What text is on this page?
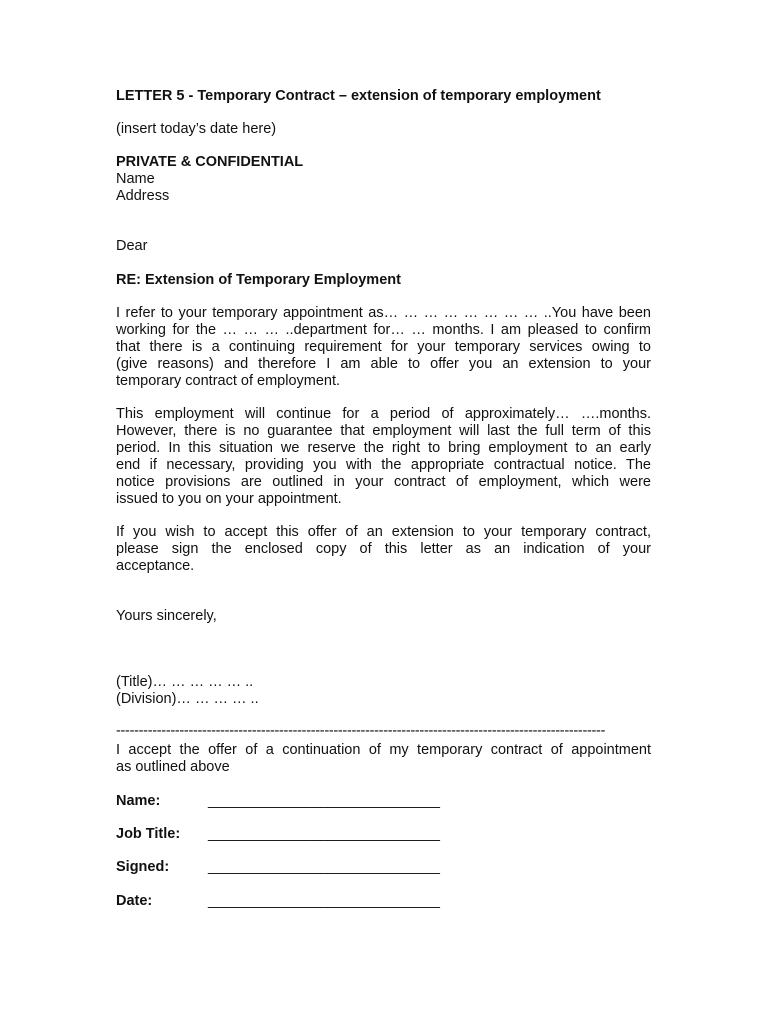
LETTER 5 - Temporary Contract – extension of temporary employment
(insert today’s date here)
PRIVATE & CONFIDENTIAL
Name
Address
Dear
RE: Extension of Temporary Employment
I refer to your temporary appointment as… … … … … … … … ..You have been
working for the … … … ..department for… … months. I am pleased to confirm
that there is a continuing requirement for your temporary services owing to
(give reasons) and therefore I am able to offer you an extension to your
temporary contract of employment.
This employment will continue for a period of approximately… ….months.
However, there is no guarantee that employment will last the full term of this
period. In this situation we reserve the right to bring employment to an early
end if necessary, providing you with the appropriate contractual notice. The
notice provisions are outlined in your contract of employment, which were
issued to you on your appointment.
If you wish to accept this offer of an extension to your temporary contract,
please sign the enclosed copy of this letter as an indication of your
acceptance.
Yours sincerely,
(Title)… … … … … ..
(Division)… … … … ..
------------------------------------------------------------------------------------------------------------
I accept the offer of a continuation of my temporary contract of appointment
as outlined above
Name:	_______________________________
Job Title: _______________________________
Signed:	_______________________________
Date:	_______________________________
